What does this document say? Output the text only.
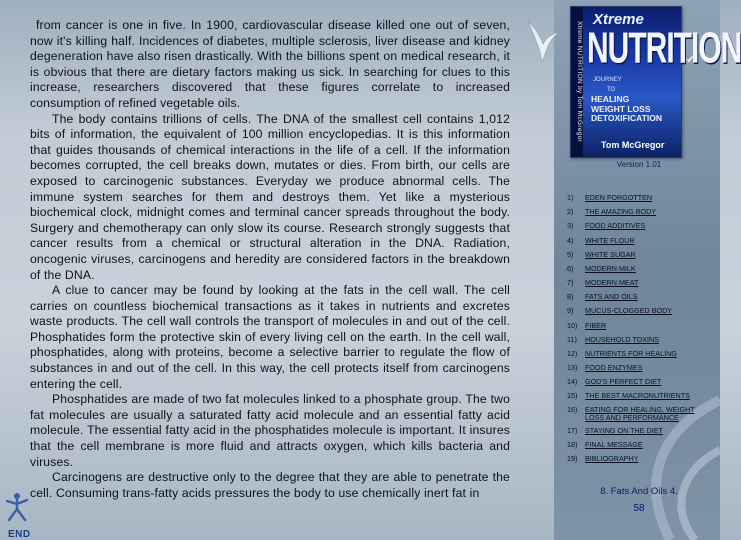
from cancer is one in five. In 1900, cardiovascular disease killed one out of seven, now it's killing half. Incidences of diabetes, multiple sclerosis, liver disease and kidney degeneration have also risen drastically. With the billions spent on medical research, it is obvious that there are dietary factors making us sick. In searching for clues to this increase, researchers discovered that these figures correlate to increased consumption of refined vegetable oils.

The body contains trillions of cells. The DNA of the smallest cell contains 1,012 bits of information, the equivalent of 100 million encyclopedias. It is this information that guides thousands of chemical interactions in the life of a cell. If the information becomes corrupted, the cell breaks down, mutates or dies. From birth, our cells are exposed to carcinogenic substances. Everyday we produce abnormal cells. The immune system searches for them and destroys them. Yet like a mysterious biochemical clock, midnight comes and terminal cancer spreads throughout the body. Surgery and chemotherapy can only slow its course. Research strongly suggests that cancer results from a chemical or structural alteration in the DNA. Radiation, oncogenic viruses, carcinogens and heredity are considered factors in the breakdown of the DNA.

A clue to cancer may be found by looking at the fats in the cell wall. The cell carries on countless biochemical transactions as it takes in nutrients and excretes waste products. The cell wall controls the transport of molecules in and out of the cell. Phosphatides form the protective skin of every living cell on the earth. In the cell wall, phosphatides, along with proteins, become a selective barrier to regulate the flow of substances in and out of the cell. In this way, the cell protects itself from carcinogens entering the cell.

Phosphatides are made of two fat molecules linked to a phosphate group. The two fat molecules are usually a saturated fatty acid molecule and an essential fatty acid molecule. The essential fatty acid in the phosphatides molecule is important. It insures that the cell membrane is more fluid and attracts oxygen, which kills bacteria and viruses.

Carcinogens are destructive only to the degree that they are able to penetrate the cell. Consuming trans-fatty acids pressures the body to use chemically inert fat in

Xtreme NUTRITION by Tom McGregor
Xtreme
NUTRITION
JOURNEY
TO
HEALING
WEIGHT LOSS
DETOXIFICATION
Tom McGregor
Version 1.01
1) EDEN FORGOTTEN
2) THE AMAZING BODY
3) FOOD ADDITIVES
4) WHITE FLOUR
5) WHITE SUGAR
6) MODERN MILK
7) MODERN MEAT
8) FATS AND OILS
9) MUCUS-CLOGGED BODY
10) FIBER
11) HOUSEHOLD TOXINS
12) NUTRIENTS FOR HEALING
13) FOOD ENZYMES
14) GOD'S PERFECT DIET
15) THE BEST MACRONUTRIENTS
16) EATING FOR HEALING, WEIGHT
LOSS AND PERFORMANCE
17) STAYING ON THE DIET
18) FINAL MESSAGE
19) BIBLIOGRAPHY
8. Fats And Oils 4.
58
END
